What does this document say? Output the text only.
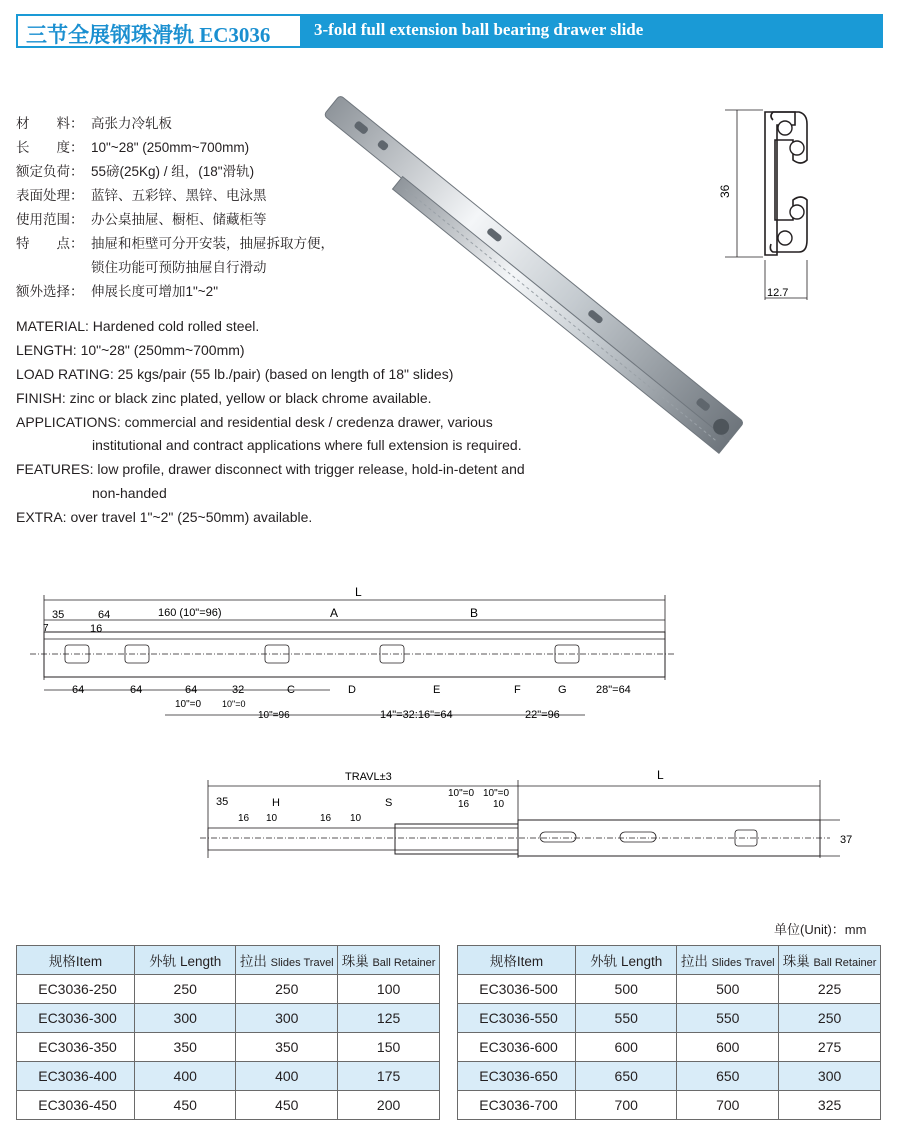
三节全展钢珠滑轨 EC3036	3-fold full extension ball bearing drawer slide
材　　料： 高张力冷轧板
长　　度： 10"~28" (250mm~700mm)
额定负荷： 55磅(25Kg) / 组，(18"滑轨)
表面处理： 蓝锌、五彩锌、黑锌、电泳黑
使用范围： 办公桌抽屉、橱柜、储藏柜等
特　　点： 抽屉和柜壁可分开安装，抽屉拆取方便，
锁住功能可预防抽屉自行滑动
额外选择： 伸展长度可增加1"~2"
MATERIAL: Hardened cold rolled steel.
LENGTH: 10"~28" (250mm~700mm)
LOAD RATING: 25 kgs/pair (55 lb./pair) (based on length of 18" slides)
FINISH: zinc or black zinc plated, yellow or black chrome available.
APPLICATIONS: commercial and residential desk / credenza drawer, various
institutional and contract applications where full extension is required.
FEATURES: low profile, drawer disconnect with trigger release, hold-in-detent and
non-handed
EXTRA: over travel 1"~2" (25~50mm) available.
36
12.7
L
35	64
7	16
160 (10"=96)	A	B
64	64	64	32	C	D	E	F	G	28"=64
10"=0 10"=0
10"=96	14"=32:16"=64	22"=96
TRAVL±3	L
35	H	S
16 10	16 10
10"=0 10"=0
16 10
37
单位(Unit)：mm
规格Item	外轨 Length	拉出 Slides Travel	珠巢 Ball Retainer
EC3036-250	250	250	100
EC3036-300	300	300	125
EC3036-350	350	350	150
EC3036-400	400	400	175
EC3036-450	450	450	200
规格Item	外轨 Length	拉出 Slides Travel	珠巢 Ball Retainer
EC3036-500	500	500	225
EC3036-550	550	550	250
EC3036-600	600	600	275
EC3036-650	650	650	300
EC3036-700	700	700	325
